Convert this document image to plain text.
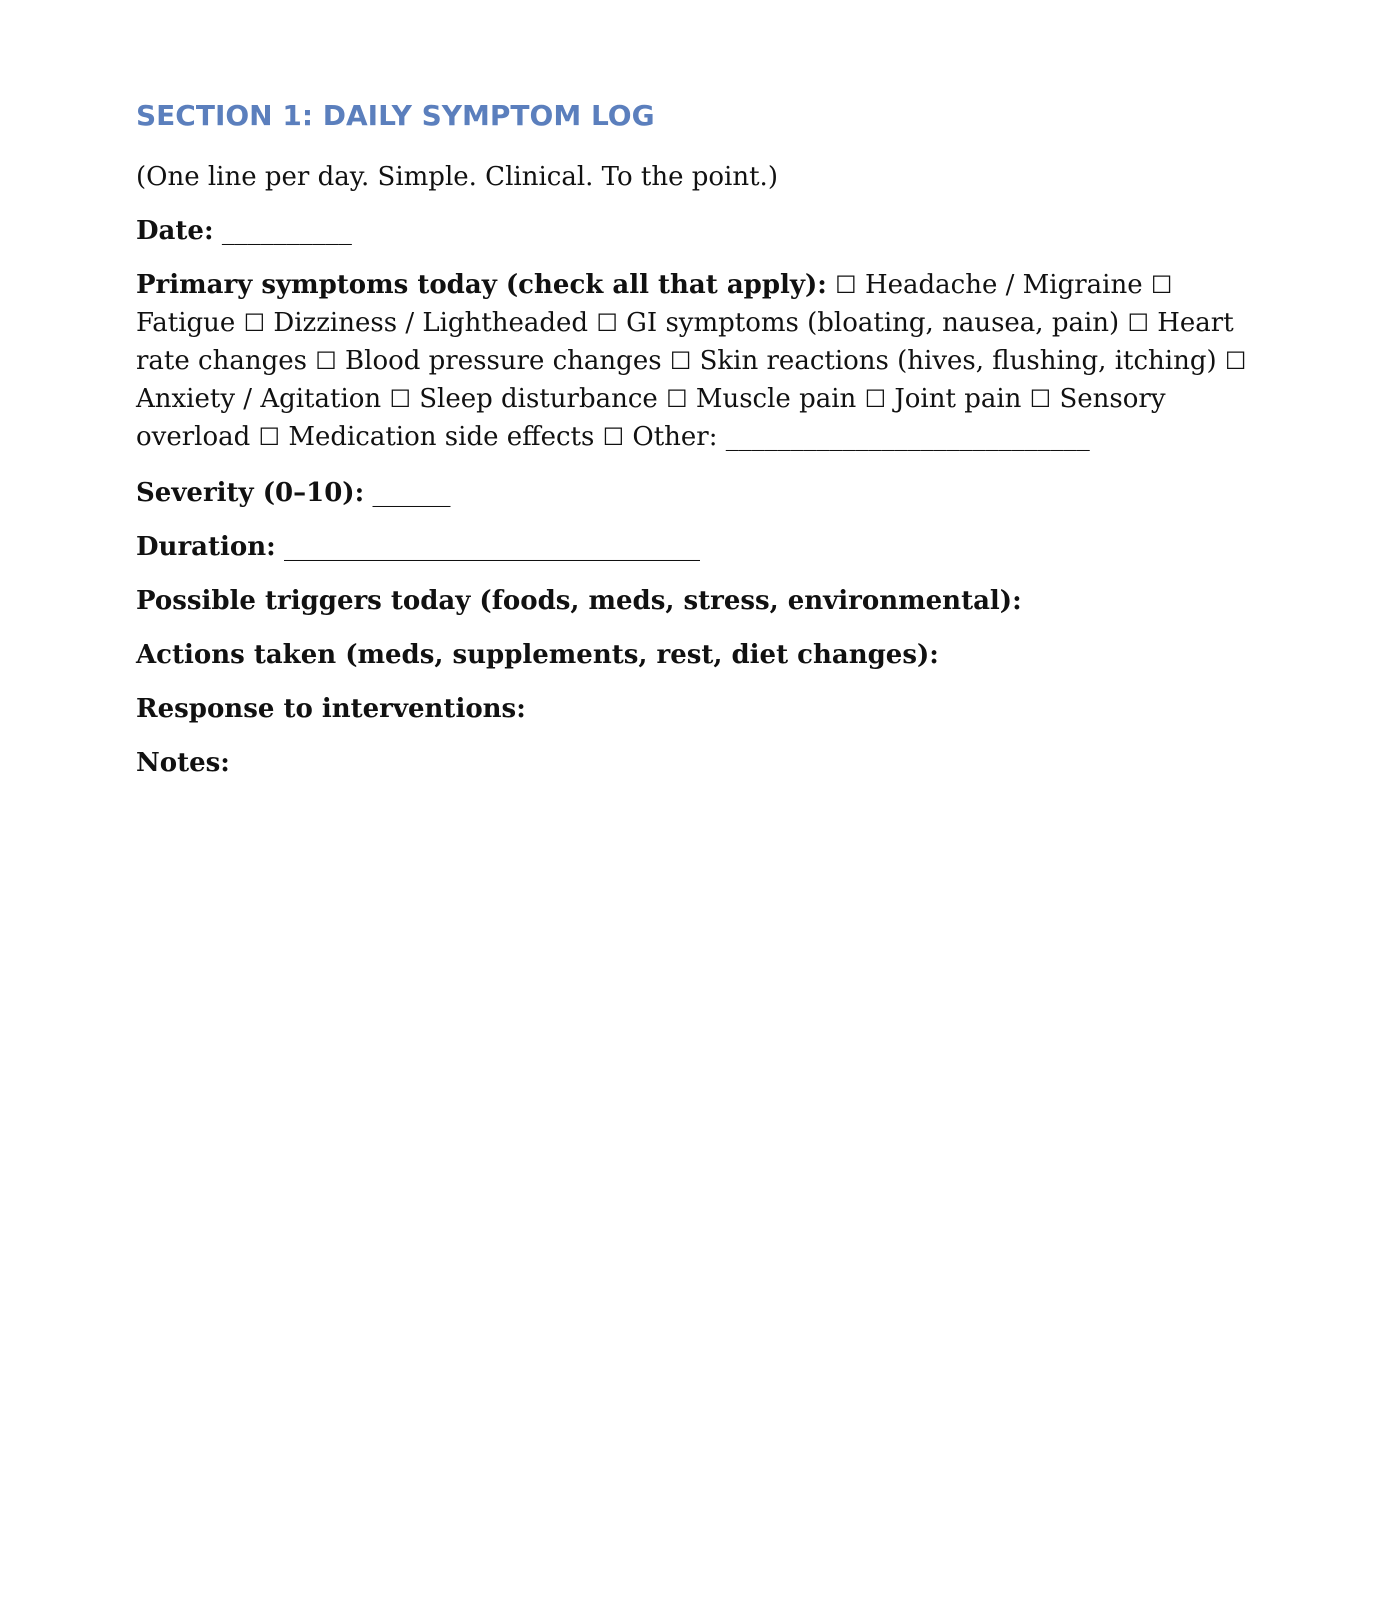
SECTION 1: DAILY SYMPTOM LOG
(One line per day. Simple. Clinical. To the point.)
Date: __________
Primary symptoms today (check all that apply): ☐ Headache / Migraine ☐ Fatigue ☐ Dizziness / Lightheaded ☐ GI symptoms (bloating, nausea, pain) ☐ Heart rate changes ☐ Blood pressure changes ☐ Skin reactions (hives, flushing, itching) ☐ Anxiety / Agitation ☐ Sleep disturbance ☐ Muscle pain ☐ Joint pain ☐ Sensory overload ☐ Medication side effects ☐ Other: ____________________________
Severity (0–10): ______
Duration: ________________________________
Possible triggers today (foods, meds, stress, environmental):
Actions taken (meds, supplements, rest, diet changes):
Response to interventions:
Notes:
